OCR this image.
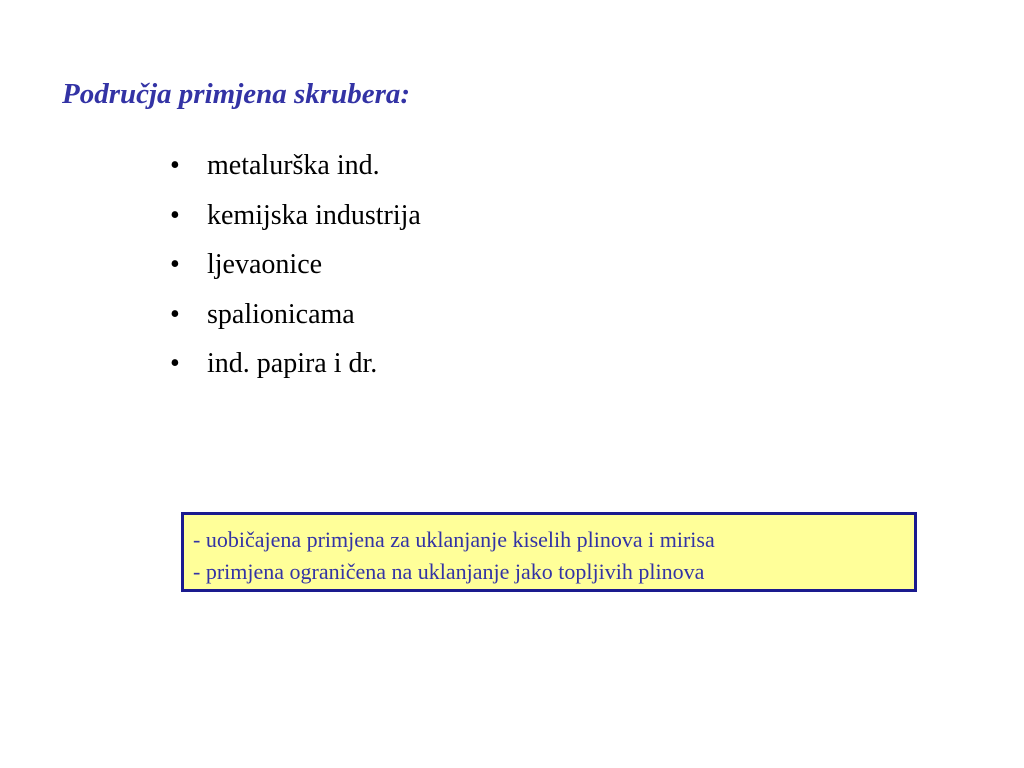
Područja primjena skrubera:
• metalurška ind.
• kemijska industrija
• ljevaonice
• spalionicama
• ind. papira i dr.
- uobičajena primjena za uklanjanje kiselih plinova i mirisa
- primjena ograničena na uklanjanje jako topljivih plinova
